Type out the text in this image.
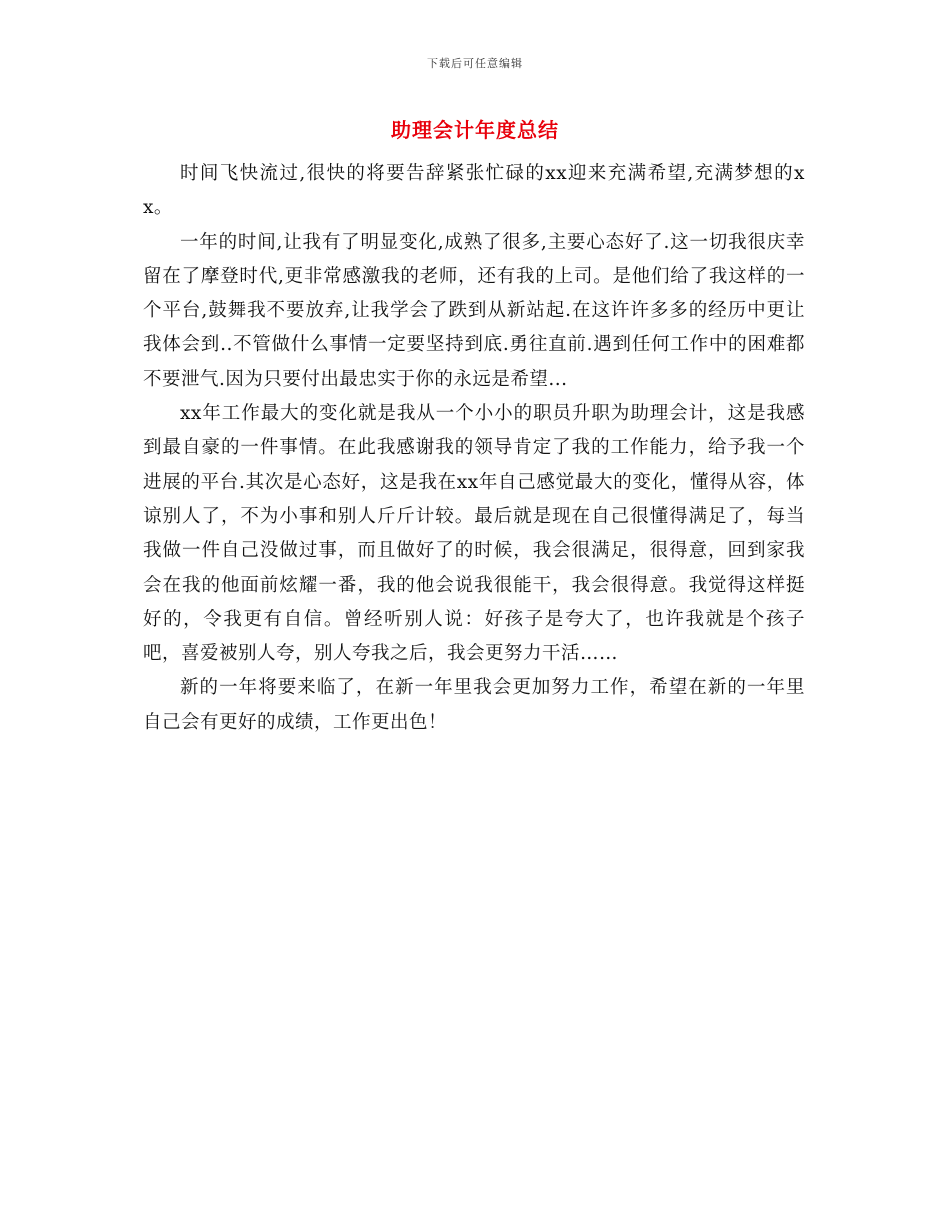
下载后可任意编辑
助理会计年度总结

时间飞快流过,很快的将要告辞紧张忙碌的xx迎来充满希望,充满梦想的xx。

一年的时间,让我有了明显变化,成熟了很多,主要心态好了.这一切我很庆幸留在了摩登时代,更非常感激我的老师，还有我的上司。是他们给了我这样的一个平台,鼓舞我不要放弃,让我学会了跌到从新站起.在这许许多多的经历中更让我体会到..不管做什么事情一定要坚持到底.勇往直前.遇到任何工作中的困难都不要泄气.因为只要付出最忠实于你的永远是希望...

xx年工作最大的变化就是我从一个小小的职员升职为助理会计，这是我感到最自豪的一件事情。在此我感谢我的领导肯定了我的工作能力，给予我一个进展的平台.其次是心态好，这是我在xx年自己感觉最大的变化，懂得从容，体谅别人了，不为小事和别人斤斤计较。最后就是现在自己很懂得满足了，每当我做一件自己没做过事，而且做好了的时候，我会很满足，很得意，回到家我会在我的他面前炫耀一番，我的他会说我很能干，我会很得意。我觉得这样挺好的，令我更有自信。曾经听别人说：好孩子是夸大了，也许我就是个孩子吧，喜爱被别人夸，别人夸我之后，我会更努力干活……

新的一年将要来临了，在新一年里我会更加努力工作，希望在新的一年里自己会有更好的成绩，工作更出色！
